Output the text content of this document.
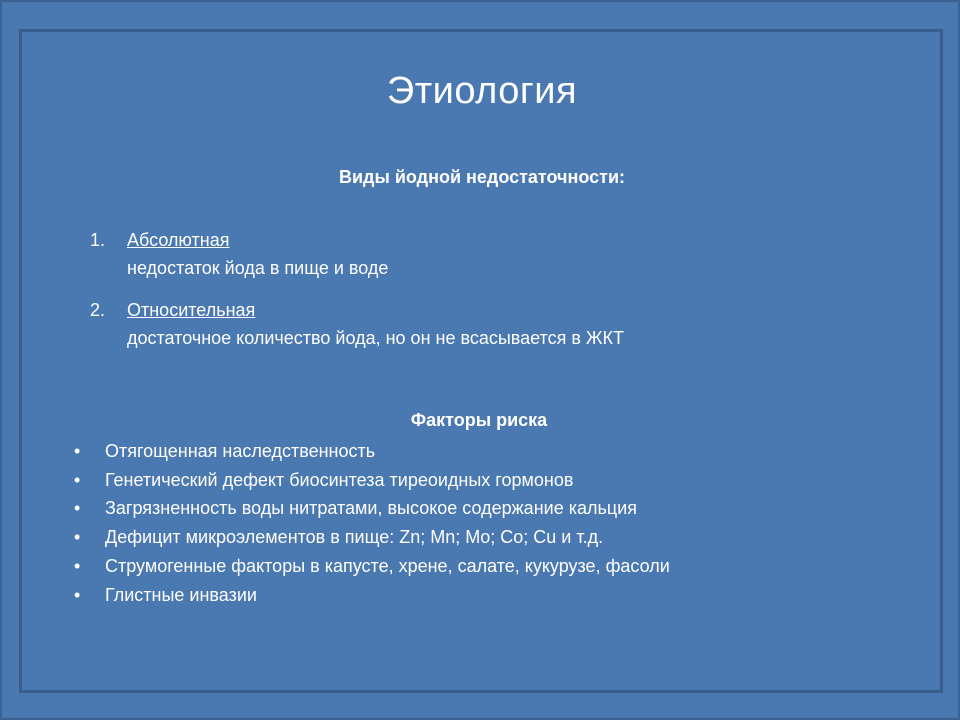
Этиология
Виды йодной недостаточности:
1.	Абсолютная
недостаток йода в пище и воде
2.	Относительная
достаточное количество йода, но он не всасывается в ЖКТ
Факторы риска
• Отягощенная наследственность
• Генетический дефект биосинтеза тиреоидных гормонов
• Загрязненность воды нитратами, высокое содержание кальция
• Дефицит микроэлементов в пище: Zn; Mn; Mo; Co; Cu и т.д.
• Струмогенные факторы в капусте, хрене, салате, кукурузе, фасоли
• Глистные инвазии
